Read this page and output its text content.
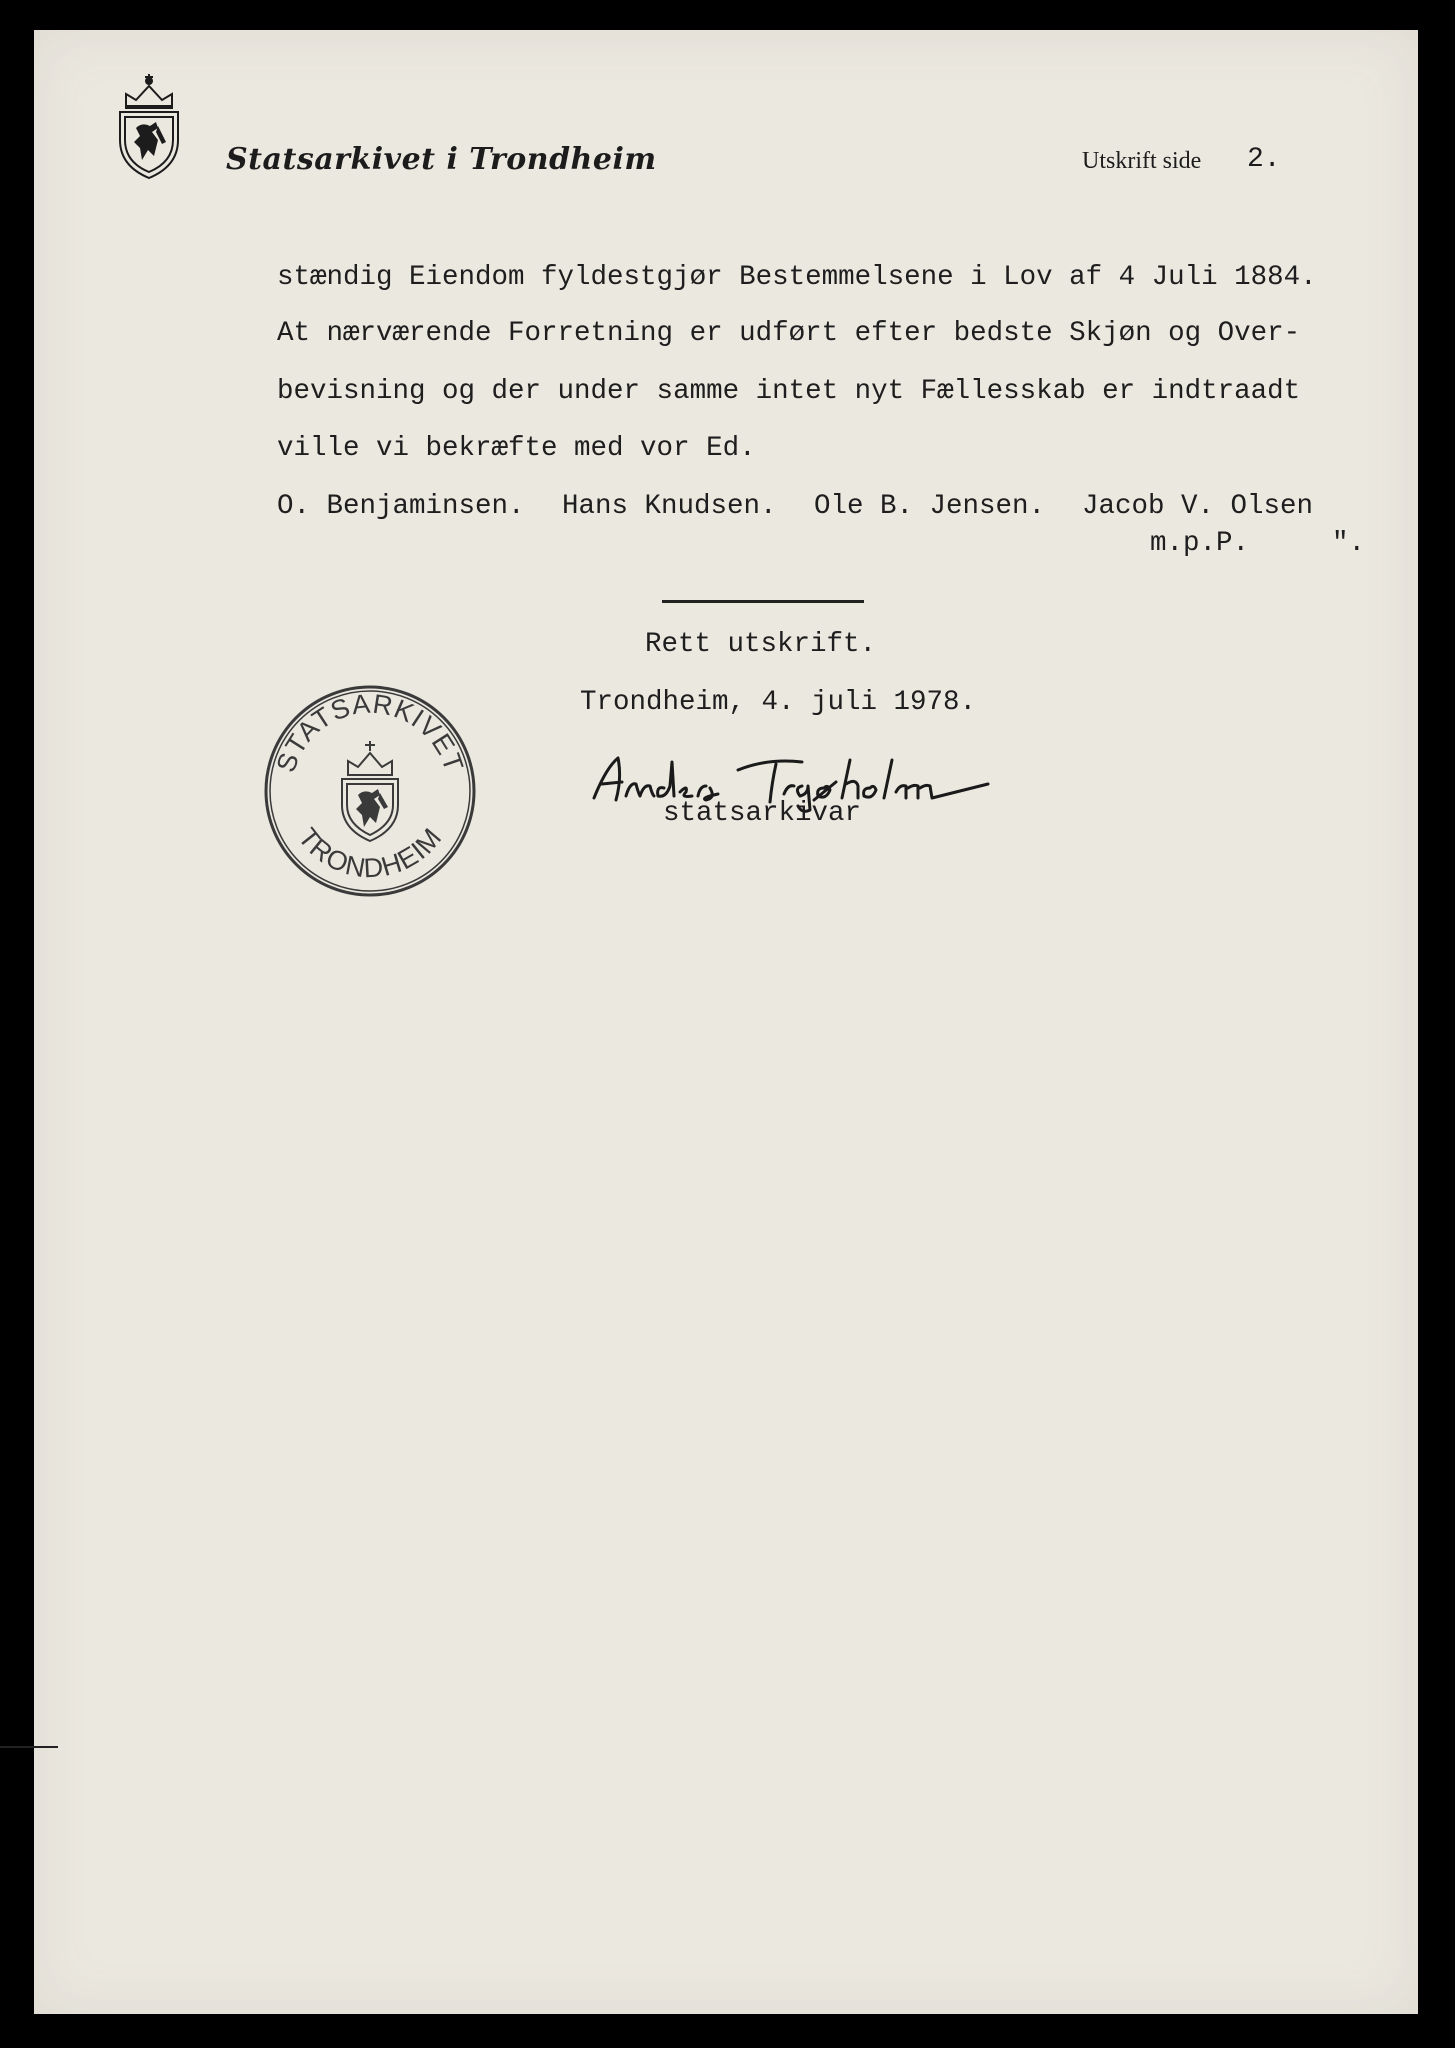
Statsarkivet i Trondheim	Utskrift side 2.
stændig Eiendom fyldestgjør Bestemmelsene i Lov af 4 Juli 1884.
At nærværende Forretning er udført efter bedste Skjøn og Over-
bevisning og der under samme intet nyt Fællesskab er indtraadt
ville vi bekræfte med vor Ed.
O. Benjaminsen. Hans Knudsen. Ole B. Jensen. Jacob V. Olsen
m.p.P.	".
Rett utskrift.
Trondheim, 4. juli 1978.
statsarkivar
STATSARKIVET
TRONDHEIM
